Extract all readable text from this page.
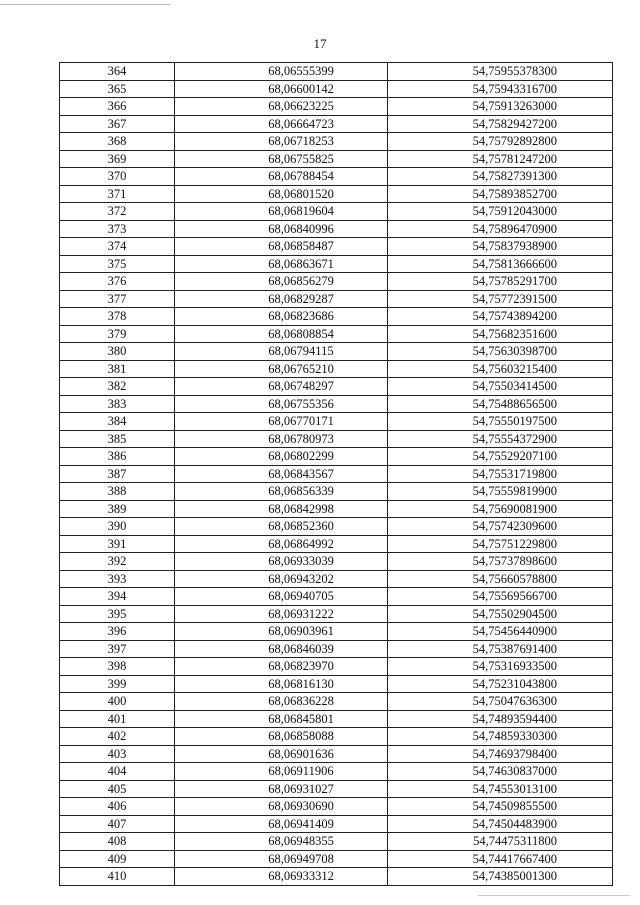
17
364	68,06555399	54,75955378300
365	68,06600142	54,75943316700
366	68,06623225	54,75913263000
367	68,06664723	54,75829427200
368	68,06718253	54,75792892800
369	68,06755825	54,75781247200
370	68,06788454	54,75827391300
371	68,06801520	54,75893852700
372	68,06819604	54,75912043000
373	68,06840996	54,75896470900
374	68,06858487	54,75837938900
375	68,06863671	54,75813666600
376	68,06856279	54,75785291700
377	68,06829287	54,75772391500
378	68,06823686	54,75743894200
379	68,06808854	54,75682351600
380	68,06794115	54,75630398700
381	68,06765210	54,75603215400
382	68,06748297	54,75503414500
383	68,06755356	54,75488656500
384	68,06770171	54,75550197500
385	68,06780973	54,75554372900
386	68,06802299	54,75529207100
387	68,06843567	54,75531719800
388	68,06856339	54,75559819900
389	68,06842998	54,75690081900
390	68,06852360	54,75742309600
391	68,06864992	54,75751229800
392	68,06933039	54,75737898600
393	68,06943202	54,75660578800
394	68,06940705	54,75569566700
395	68,06931222	54,75502904500
396	68,06903961	54,75456440900
397	68,06846039	54,75387691400
398	68,06823970	54,75316933500
399	68,06816130	54,75231043800
400	68,06836228	54,75047636300
401	68,06845801	54,74893594400
402	68,06858088	54,74859330300
403	68,06901636	54,74693798400
404	68,06911906	54,74630837000
405	68,06931027	54,74553013100
406	68,06930690	54,74509855500
407	68,06941409	54,74504483900
408	68,06948355	54,74475311800
409	68,06949708	54,74417667400
410	68,06933312	54,74385001300
